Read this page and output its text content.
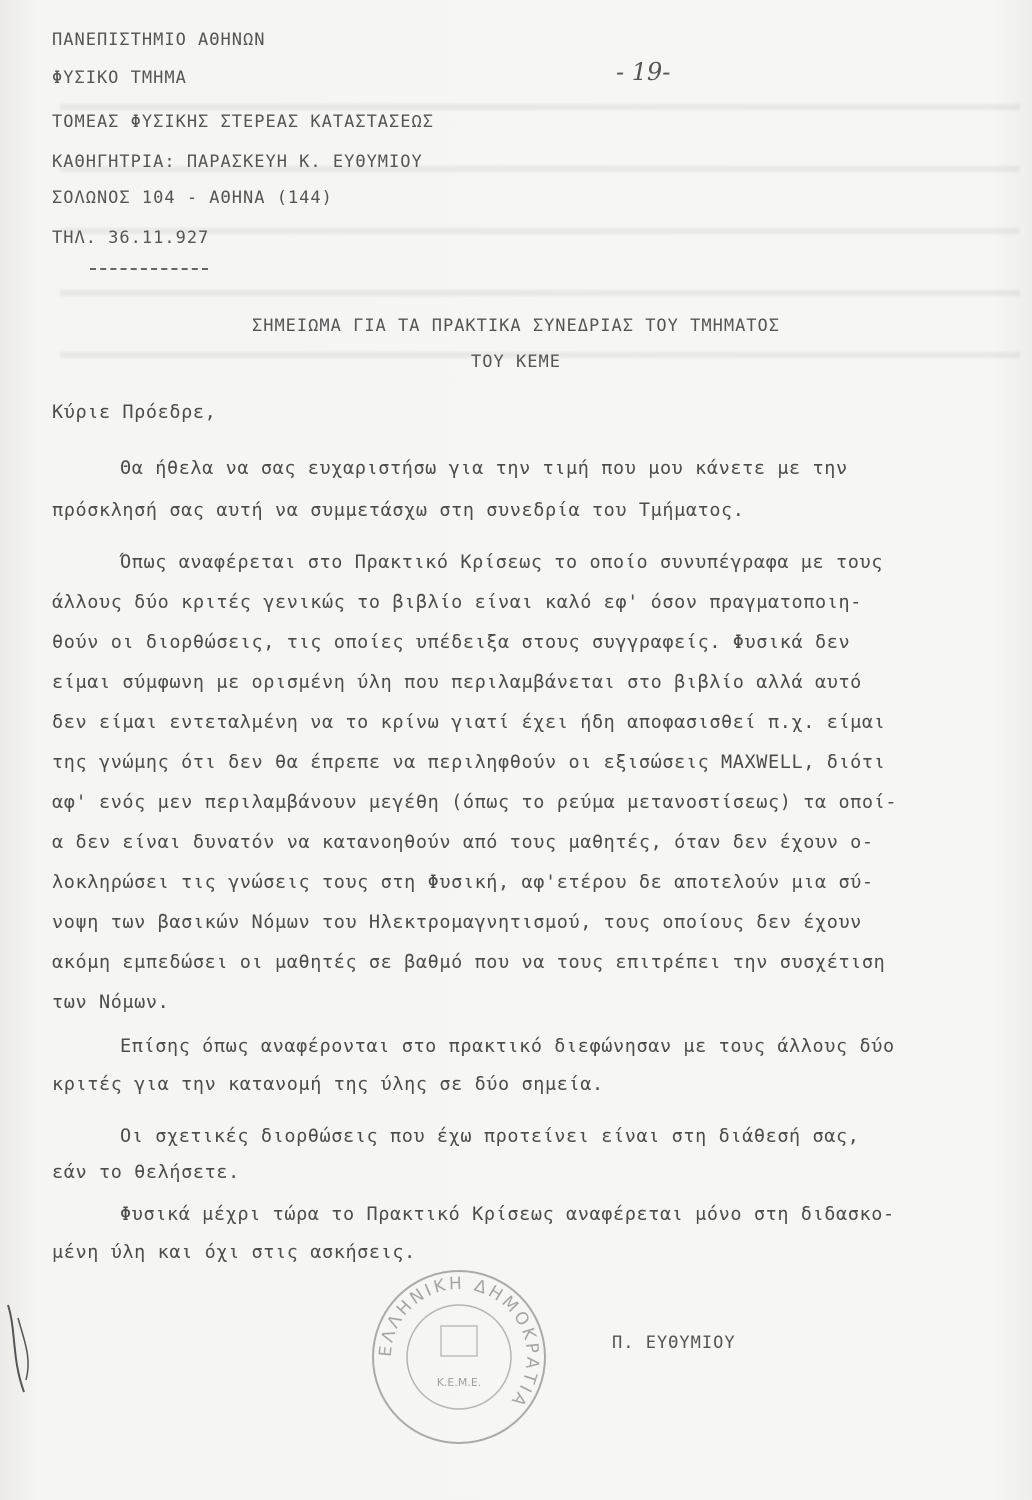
ΠΑΝΕΠΙΣΤΗΜΙΟ ΑΘΗΝΩΝ
ΦΥΣΙΚΟ ΤΜΗΜΑ
ΤΟΜΕΑΣ ΦΥΣΙΚΗΣ ΣΤΕΡΕΑΣ ΚΑΤΑΣΤΑΣΕΩΣ
ΚΑΘΗΓΗΤΡΙΑ: ΠΑΡΑΣΚΕΥΗ Κ. ΕΥΘΥΜΙΟΥ
ΣΟΛΩΝΟΣ 104 - ΑΘΗΝΑ (144)
ΤΗΛ. 36.11.927
- 19-
ΣΗΜΕΙΩΜΑ ΓΙΑ ΤΑ ΠΡΑΚΤΙΚΑ ΣΥΝΕΔΡΙΑΣ ΤΟΥ ΤΜΗΜΑΤΟΣ
ΤΟΥ ΚΕΜΕ
Κύριε Πρόεδρε,
Θα ήθελα να σας ευχαριστήσω για την τιμή που μου κάνετε με την
πρόσκλησή σας αυτή να συμμετάσχω στη συνεδρία του Τμήματος.
Όπως αναφέρεται στο Πρακτικό Κρίσεως το οποίο συνυπέγραφα με τους
άλλους δύο κριτές γενικώς το βιβλίο είναι καλό εφ' όσον πραγματοποιη-
θούν οι διορθώσεις, τις οποίες υπέδειξα στους συγγραφείς. Φυσικά δεν
είμαι σύμφωνη με ορισμένη ύλη που περιλαμβάνεται στο βιβλίο αλλά αυτό
δεν είμαι εντεταλμένη να το κρίνω γιατί έχει ήδη αποφασισθεί π.χ. είμαι
της γνώμης ότι δεν θα έπρεπε να περιληφθούν οι εξισώσεις MAXWELL, διότι
αφ' ενός μεν περιλαμβάνουν μεγέθη (όπως το ρεύμα μετανοστίσεως) τα οποί-
α δεν είναι δυνατόν να κατανοηθούν από τους μαθητές, όταν δεν έχουν ο-
λοκληρώσει τις γνώσεις τους στη Φυσική, αφ'ετέρου δε αποτελούν μια σύ-
νοψη των βασικών Νόμων του Ηλεκτρομαγνητισμού, τους οποίους δεν έχουν
ακόμη εμπεδώσει οι μαθητές σε βαθμό που να τους επιτρέπει την συσχέτιση
των Νόμων.
Επίσης όπως αναφέρονται στο πρακτικό διεφώνησαν με τους άλλους δύο
κριτές για την κατανομή της ύλης σε δύο σημεία.
Οι σχετικές διορθώσεις που έχω προτείνει είναι στη διάθεσή σας,
εάν το θελήσετε.
Φυσικά μέχρι τώρα το Πρακτικό Κρίσεως αναφέρεται μόνο στη διδασκο-
μένη ύλη και όχι στις ασκήσεις.
ΕΛΛΗΝΙΚΗ ΔΗΜΟΚΡΑΤΙΑ
Κ.Ε.Μ.Ε.
Π. ΕΥΘΥΜΙΟΥ
